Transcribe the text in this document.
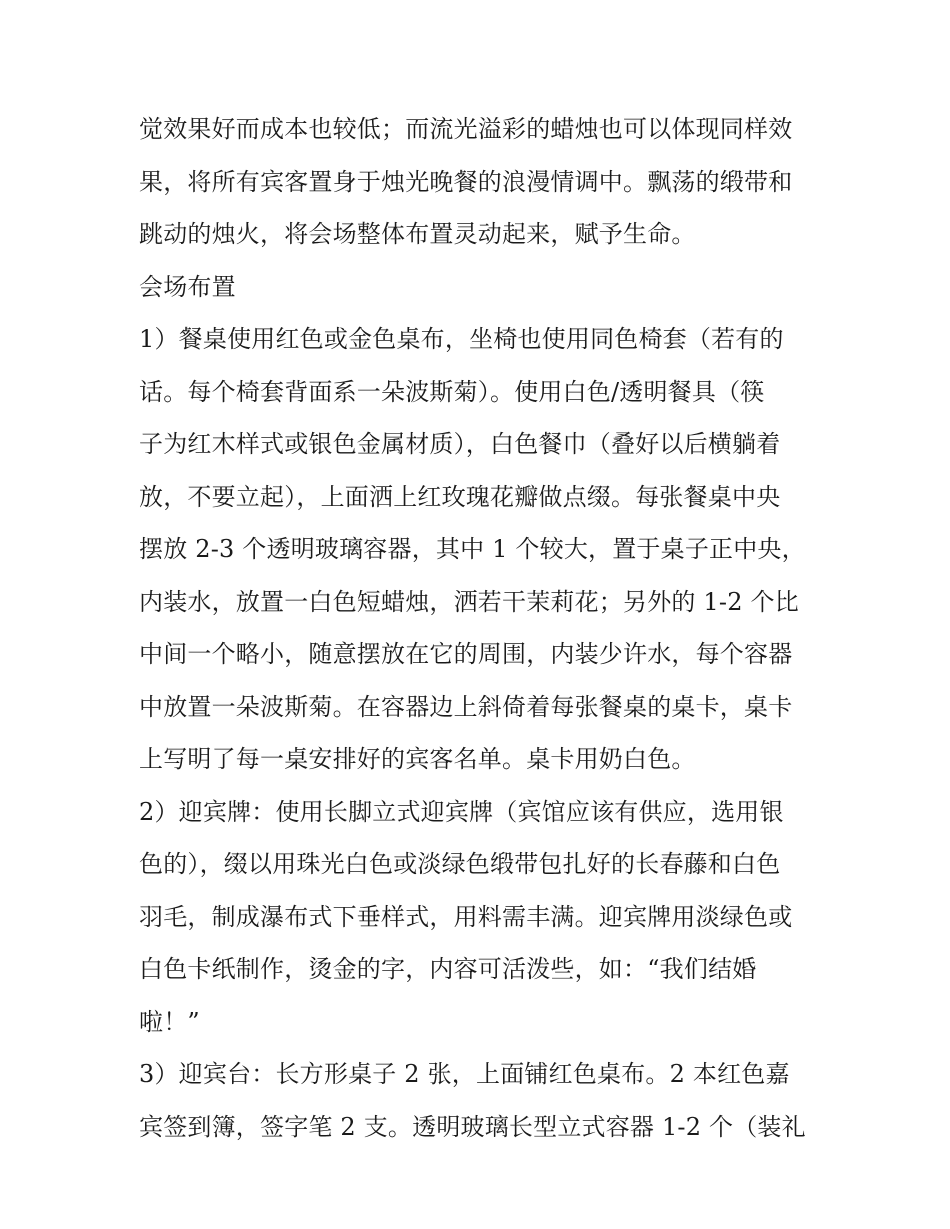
觉效果好而成本也较低；而流光溢彩的蜡烛也可以体现同样效
果，将所有宾客置身于烛光晚餐的浪漫情调中。飘荡的缎带和
跳动的烛火，将会场整体布置灵动起来，赋予生命。
会场布置
1）餐桌使用红色或金色桌布，坐椅也使用同色椅套（若有的
话。每个椅套背面系一朵波斯菊）。使用白色/透明餐具（筷
子为红木样式或银色金属材质），白色餐巾（叠好以后横躺着
放，不要立起），上面洒上红玫瑰花瓣做点缀。每张餐桌中央
摆放 2-3 个透明玻璃容器，其中 1 个较大，置于桌子正中央，
内装水，放置一白色短蜡烛，洒若干茉莉花；另外的 1-2 个比
中间一个略小，随意摆放在它的周围，内装少许水，每个容器
中放置一朵波斯菊。在容器边上斜倚着每张餐桌的桌卡，桌卡
上写明了每一桌安排好的宾客名单。桌卡用奶白色。
2）迎宾牌：使用长脚立式迎宾牌（宾馆应该有供应，选用银
色的），缀以用珠光白色或淡绿色缎带包扎好的长春藤和白色
羽毛，制成瀑布式下垂样式，用料需丰满。迎宾牌用淡绿色或
白色卡纸制作，烫金的字，内容可活泼些，如：“我们结婚
啦！”
3）迎宾台：长方形桌子 2 张，上面铺红色桌布。2 本红色嘉
宾签到簿，签字笔 2 支。透明玻璃长型立式容器 1-2 个（装礼
